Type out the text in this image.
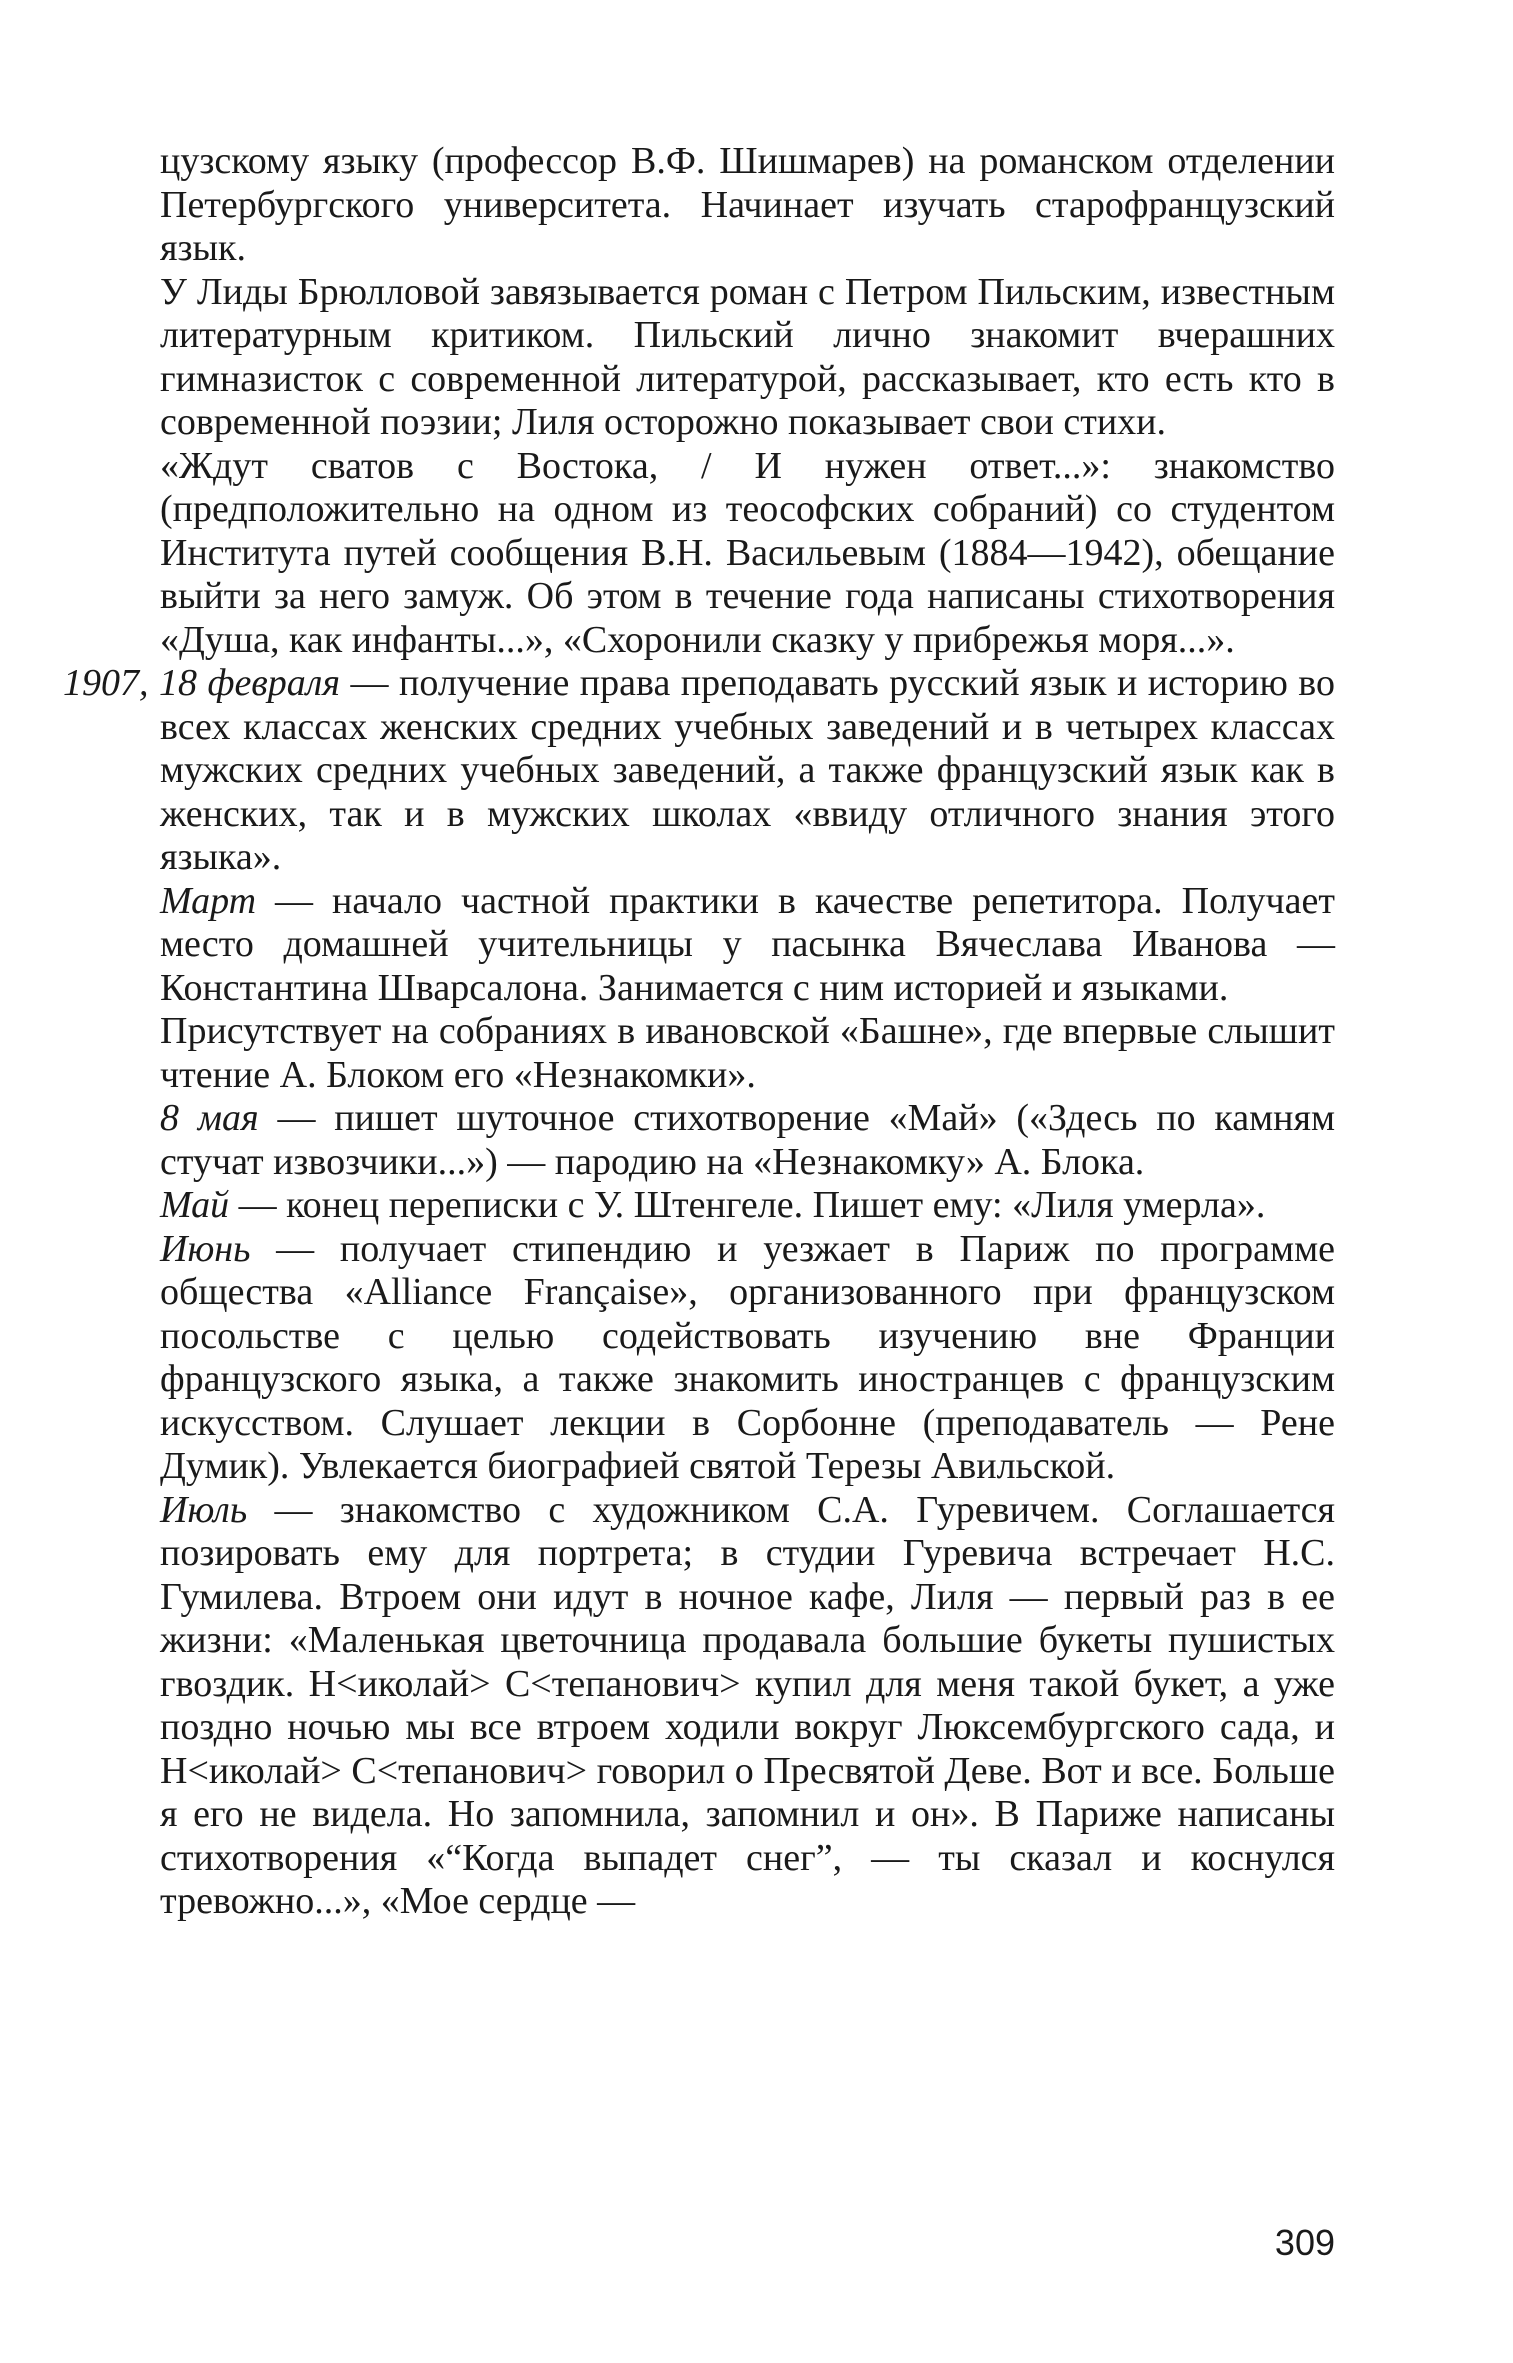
цузскому языку (профессор В.Ф. Шишмарев) на романском отделении Петербургского университета. Начинает изучать старофранцузский язык.

У Лиды Брюлловой завязывается роман с Петром Пильским, известным литературным критиком. Пильский лично знакомит вчерашних гимназисток с современной литературой, рассказывает, кто есть кто в современной поэзии; Лиля осторожно показывает свои стихи.

«Ждут сватов с Востока, / И нужен ответ...»: знакомство (предположительно на одном из теософских собраний) со студентом Института путей сообщения В.Н. Васильевым (1884—1942), обещание выйти за него замуж. Об этом в течение года написаны стихотворения «Душа, как инфанты...», «Схоронили сказку у прибрежья моря...».

1907, 18 февраля — получение права преподавать русский язык и историю во всех классах женских средних учебных заведений и в четырех классах мужских средних учебных заведений, а также французский язык как в женских, так и в мужских школах «ввиду отличного знания этого языка».

Март — начало частной практики в качестве репетитора. Получает место домашней учительницы у пасынка Вячеслава Иванова — Константина Шварсалона. Занимается с ним историей и языками.

Присутствует на собраниях в ивановской «Башне», где впервые слышит чтение А. Блоком его «Незнакомки».

8 мая — пишет шуточное стихотворение «Май» («Здесь по камням стучат извозчики...») — пародию на «Незнакомку» А. Блока.

Май — конец переписки с У. Штенгеле. Пишет ему: «Лиля умерла».

Июнь — получает стипендию и уезжает в Париж по программе общества «Alliance Française», организованного при французском посольстве с целью содействовать изучению вне Франции французского языка, а также знакомить иностранцев с французским искусством. Слушает лекции в Сорбонне (преподаватель — Рене Думик). Увлекается биографией святой Терезы Авильской.

Июль — знакомство с художником С.А. Гуревичем. Соглашается позировать ему для портрета; в студии Гуревича встречает Н.С. Гумилева. Втроем они идут в ночное кафе, Лиля — первый раз в ее жизни: «Маленькая цветочница продавала большие букеты пушистых гвоздик. Н<иколай> С<тепанович> купил для меня такой букет, а уже поздно ночью мы все втроем ходили вокруг Люксембургского сада, и Н<иколай> С<тепанович> говорил о Пресвятой Деве. Вот и все. Больше я его не видела. Но запомнила, запомнил и он». В Париже написаны стихотворения «“Когда выпадет снег”, — ты сказал и коснулся тревожно...», «Мое сердце —

309
